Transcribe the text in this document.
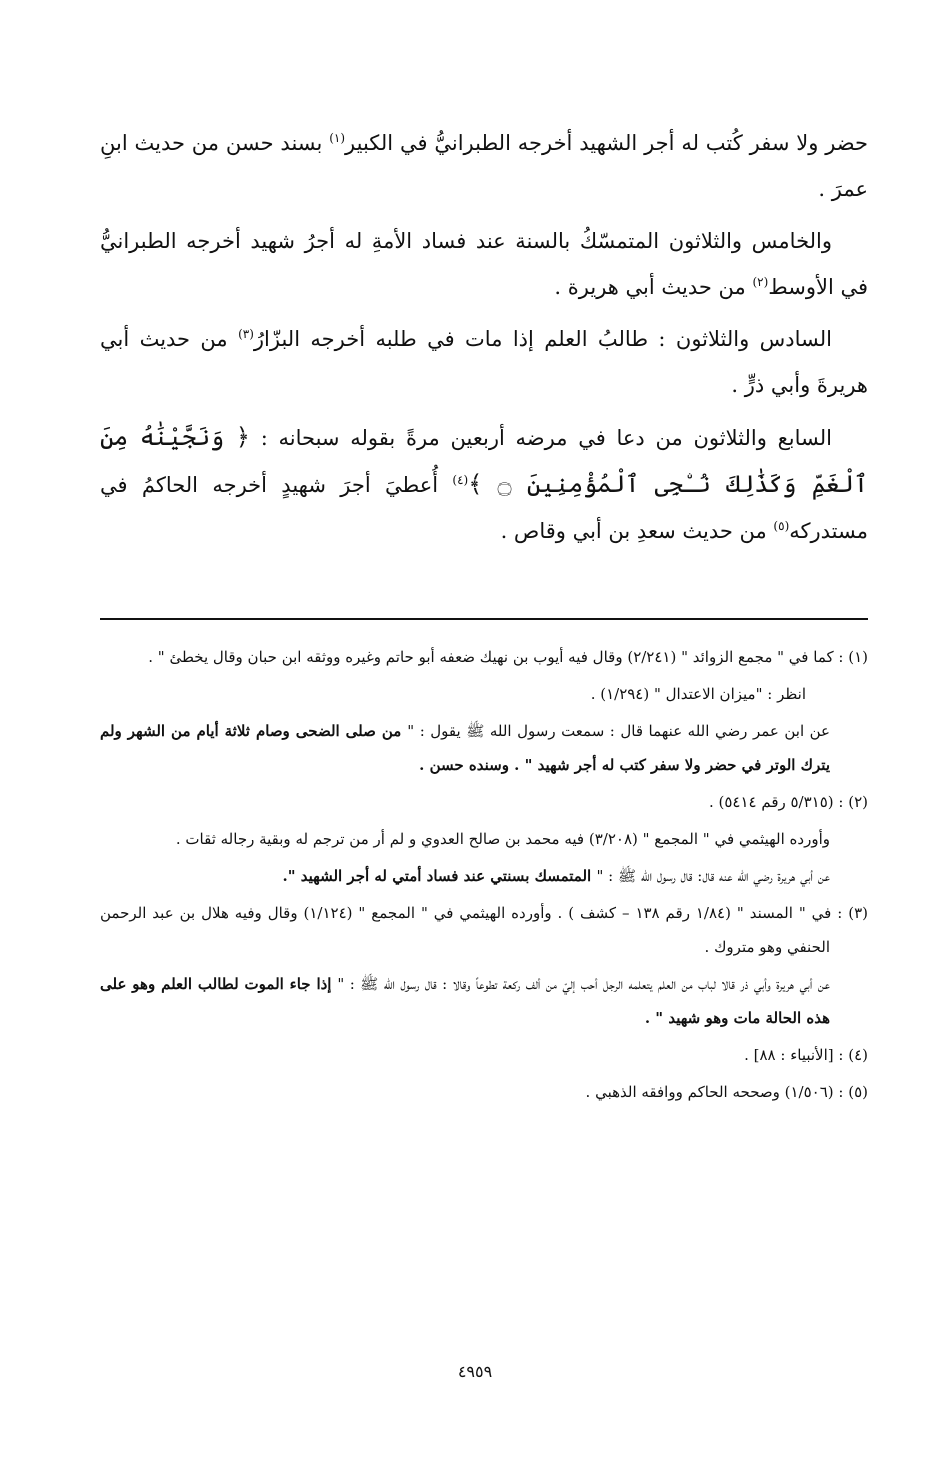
حضر ولا سفر كُتب له أجر الشهيد أخرجه الطبرانيُّ في الكبير$^{(١)}$ بسند حسن من حديث ابنِ عمرَ .

والخامس والثلاثون المتمسّكُ بالسنة عند فساد الأمةِ له أجرُ شهيد أخرجه الطبرانيُّ في الأوسط$^{(٢)}$ من حديث أبي هريرة .

السادس والثلاثون : طالبُ العلم إذا مات في طلبه أخرجه البزّارُ$^{(٣)}$ من حديث أبي هريرةَ وأبي ذرٍّ .

السابع والثلاثون من دعا في مرضه أربعين مرةً بقوله سبحانه : ﴿ وَنَجَّيْنَٰهُ مِنَ ٱلْغَمِّ وَكَذَٰلِكَ نُـۨجِى ٱلْمُؤْمِنِينَ ۝ ﴾$^{(٤)}$ أُعطيَ أجرَ شهيدٍ أخرجه الحاكمُ في مستدركه$^{(٥)}$ من حديث سعدِ بن أبي وقاص .

(١) : كما في " مجمع الزوائد " (٢/٢٤١) وقال فيه أيوب بن نهيك ضعفه أبو حاتم وغيره ووثقه ابن حبان وقال يخطئ " .

انظر : "ميزان الاعتدال " (١/٢٩٤) .

عن ابن عمر رضي الله عنهما قال : سمعت رسول الله ﷺ يقول : " من صلى الضحى وصام ثلاثة أيام من الشهر ولم يترك الوتر في حضر ولا سفر كتب له أجر شهيد " . وسنده حسن .

(٢) : (٥/٣١٥ رقم ٥٤١٤) .

وأورده الهيثمي في " المجمع " (٣/٢٠٨) فيه محمد بن صالح العدوي و لم أر من ترجم له وبقية رجاله ثقات .

عن أبي هريرة رضي الله عنه قال: قال رسول الله ﷺ : " المتمسك بسنتي عند فساد أمتي له أجر الشهيد ".

(٣) : في " المسند " (١/٨٤ رقم ١٣٨ – كشف ) . وأورده الهيثمي في " المجمع " (١/١٢٤) وقال وفيه هلال بن عبد الرحمن الحنفي وهو متروك .

عن أبي هريرة وأبي ذر قالا لباب من العلم يتعلمه الرجل أحب إليّ من ألف ركعة تطوعاً وقالا : قال رسول الله ﷺ : " إذا جاء الموت لطالب العلم وهو على هذه الحالة مات وهو شهيد " .

(٤) : [الأنبياء : ٨٨] .

(٥) : (١/٥٠٦) وصححه الحاكم ووافقه الذهبي .

٤٩٥٩
